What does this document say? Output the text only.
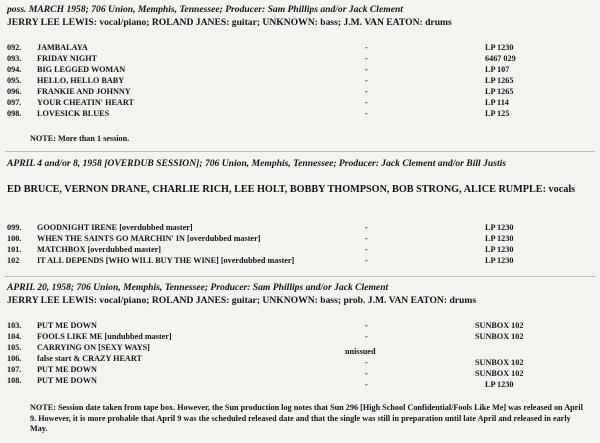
poss. MARCH 1958; 706 Union, Memphis, Tennessee; Producer: Sam Phillips and/or Jack Clement
JERRY LEE LEWIS: vocal/piano; ROLAND JANES: guitar; UNKNOWN: bass; J.M. VAN EATON: drums
092. JAMBALAYA	-	LP 1230
093. FRIDAY NIGHT	-	6467 029
094. BIG LEGGED WOMAN	-	LP 107
095. HELLO, HELLO BABY	-	LP 1265
096. FRANKIE AND JOHNNY	-	LP 1265
097. YOUR CHEATIN' HEART	-	LP 114
098. LOVESICK BLUES	-	LP 125
NOTE: More than 1 session.
APRIL 4 and/or 8, 1958 [OVERDUB SESSION]; 706 Union, Memphis, Tennessee; Producer: Jack Clement and/or Bill Justis
ED BRUCE, VERNON DRANE, CHARLIE RICH, LEE HOLT, BOBBY THOMPSON, BOB STRONG, ALICE RUMPLE: vocals
099. GOODNIGHT IRENE [overdubbed master]	-	LP 1230
100. WHEN THE SAINTS GO MARCHIN' IN [overdubbed master]	-	LP 1230
101. MATCHBOX [overdubbed master]	-	LP 1230
102 IT ALL DEPENDS [WHO WILL BUY THE WINE] [overdubbed master]	-	LP 1230
APRIL 20, 1958; 706 Union, Memphis, Tennessee; Producer: Sam Phillips and/or Jack Clement
JERRY LEE LEWIS: vocal/piano; ROLAND JANES: guitar; UNKNOWN: bass; prob. J.M. VAN EATON: drums
103. PUT ME DOWN	-	SUNBOX 102
104. FOOLS LIKE ME [undubbed master]	-	SUNBOX 102
105. CARRYING ON [SEXY WAYS]	unissued
106. false start & CRAZY HEART	-	SUNBOX 102
107. PUT ME DOWN	-	SUNBOX 102
108. PUT ME DOWN	-	LP 1230
NOTE: Session date taken from tape box. However, the Sun production log notes that Sun 296 [High School Confidential/Fools Like Me] was released on April 9. However, it is more probable that April 9 was the scheduled released date and that the single was still in preparation until late April and released in early May.
